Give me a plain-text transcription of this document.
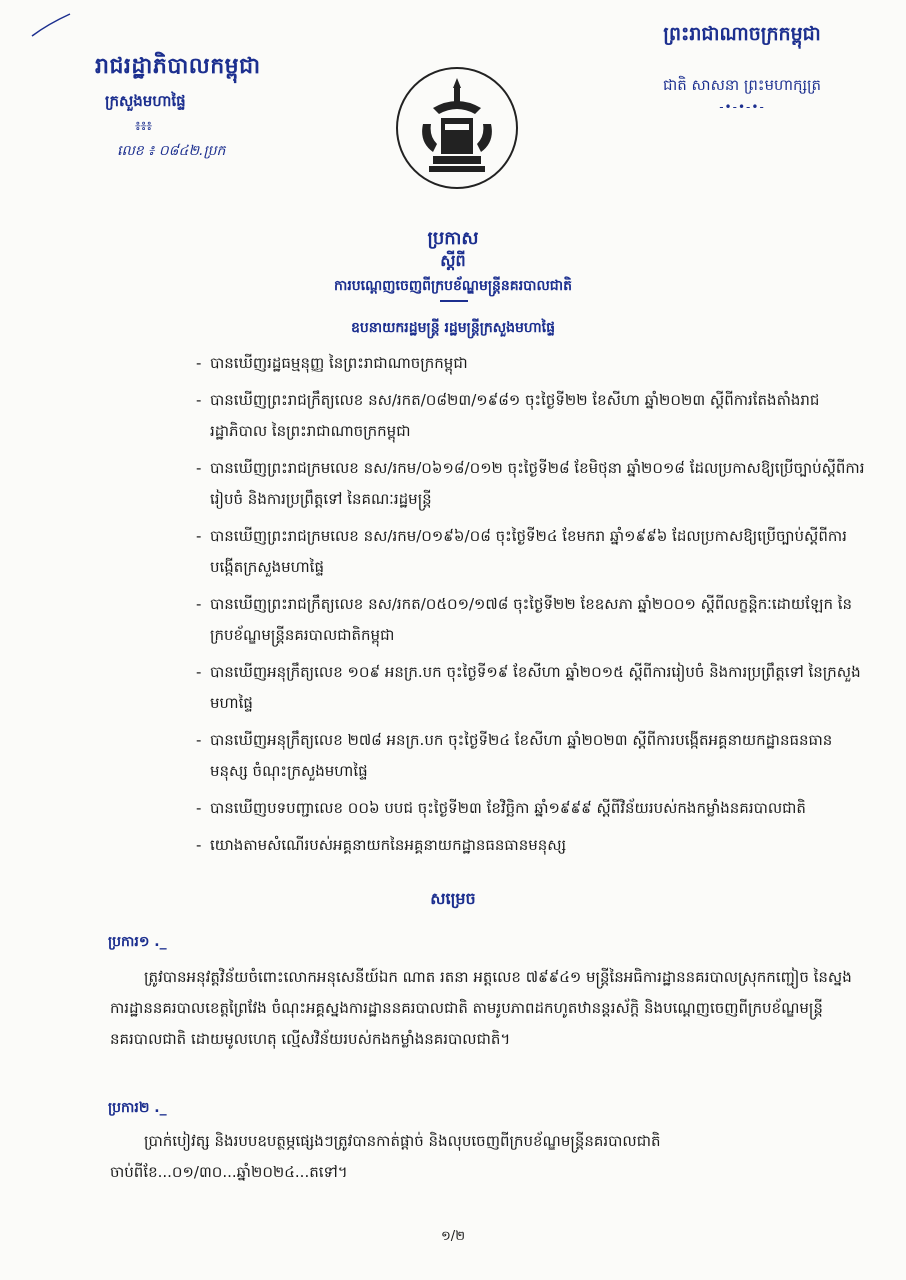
រាជរដ្ឋាភិបាលកម្ពុជា
ក្រសួងមហាផ្ទៃ
៖៖៖
លេខ ៖ ០៨៤២.ប្រក
ព្រះរាជាណាចក្រកម្ពុជា
ជាតិ សាសនា ព្រះមហាក្សត្រ
-•-•-•-
ប្រកាស
ស្តីពី
ការបណ្តេញចេញពីក្របខ័ណ្ឌមន្ត្រីនគរបាលជាតិ
ឧបនាយករដ្ឋមន្ត្រី រដ្ឋមន្ត្រីក្រសួងមហាផ្ទៃ
- បានឃើញរដ្ឋធម្មនុញ្ញ នៃព្រះរាជាណាចក្រកម្ពុជា
- បានឃើញព្រះរាជក្រឹត្យលេខ នស/រកត/០៨២៣/១៩៨១ ចុះថ្ងៃទី២២ ខែសីហា ឆ្នាំ២០២៣ ស្តីពីការតែងតាំងរាជរដ្ឋាភិបាល នៃព្រះរាជាណាចក្រកម្ពុជា
- បានឃើញព្រះរាជក្រមលេខ នស/រកម/០៦១៨/០១២ ចុះថ្ងៃទី២៨ ខែមិថុនា ឆ្នាំ២០១៨ ដែលប្រកាសឱ្យប្រើច្បាប់ស្តីពីការរៀបចំ និងការប្រព្រឹត្តទៅ នៃគណៈរដ្ឋមន្ត្រី
- បានឃើញព្រះរាជក្រមលេខ នស/រកម/០១៩៦/០៨ ចុះថ្ងៃទី២៤ ខែមករា ឆ្នាំ១៩៩៦ ដែលប្រកាសឱ្យប្រើច្បាប់ស្តីពីការបង្កើតក្រសួងមហាផ្ទៃ
- បានឃើញព្រះរាជក្រឹត្យលេខ នស/រកត/០៥០១/១៧៨ ចុះថ្ងៃទី២២ ខែឧសភា ឆ្នាំ២០០១ ស្តីពីលក្ខន្តិកៈដោយឡែក នៃក្របខ័ណ្ឌមន្ត្រីនគរបាលជាតិកម្ពុជា
- បានឃើញអនុក្រឹត្យលេខ ១០៩ អនក្រ.បក ចុះថ្ងៃទី១៩ ខែសីហា ឆ្នាំ២០១៥ ស្តីពីការរៀបចំ និងការប្រព្រឹត្តទៅ នៃក្រសួងមហាផ្ទៃ
- បានឃើញអនុក្រឹត្យលេខ ២៧៨ អនក្រ.បក ចុះថ្ងៃទី២៤ ខែសីហា ឆ្នាំ២០២៣ ស្តីពីការបង្កើតអគ្គនាយកដ្ឋានធនធានមនុស្ស ចំណុះក្រសួងមហាផ្ទៃ
- បានឃើញបទបញ្ជាលេខ ០០៦ បបជ ចុះថ្ងៃទី២៣ ខែវិច្ឆិកា ឆ្នាំ១៩៩៩ ស្តីពីវិន័យរបស់កងកម្លាំងនគរបាលជាតិ
- យោងតាមសំណើរបស់អគ្គនាយកនៃអគ្គនាយកដ្ឋានធនធានមនុស្ស
សម្រេច
ប្រការ១ ._
ត្រូវបានអនុវត្តវិន័យចំពោះលោកអនុសេនីយ៍ឯក ណាត រតនា អត្តលេខ ៧៩៩៤១ មន្ត្រីនៃអធិការដ្ឋាននគរបាលស្រុកកញ្ជៀច នៃស្នងការដ្ឋាននគរបាលខេត្តព្រៃវែង ចំណុះអគ្គស្នងការដ្ឋាននគរបាលជាតិ តាមរូបភាពដកហូតឋានន្តរស័ក្តិ និងបណ្តេញចេញពីក្របខ័ណ្ឌមន្ត្រីនគរបាលជាតិ ដោយមូលហេតុ ល្មើសវិន័យរបស់កងកម្លាំងនគរបាលជាតិ។
ប្រការ២ ._
ប្រាក់បៀវត្ស និងរបបឧបត្ថម្ភផ្សេងៗត្រូវបានកាត់ផ្តាច់ និងលុបចេញពីក្របខ័ណ្ឌមន្ត្រីនគរបាលជាតិ ចាប់ពីខែ...០១/៣០...ឆ្នាំ២០២៤...តទៅ។
១/២
